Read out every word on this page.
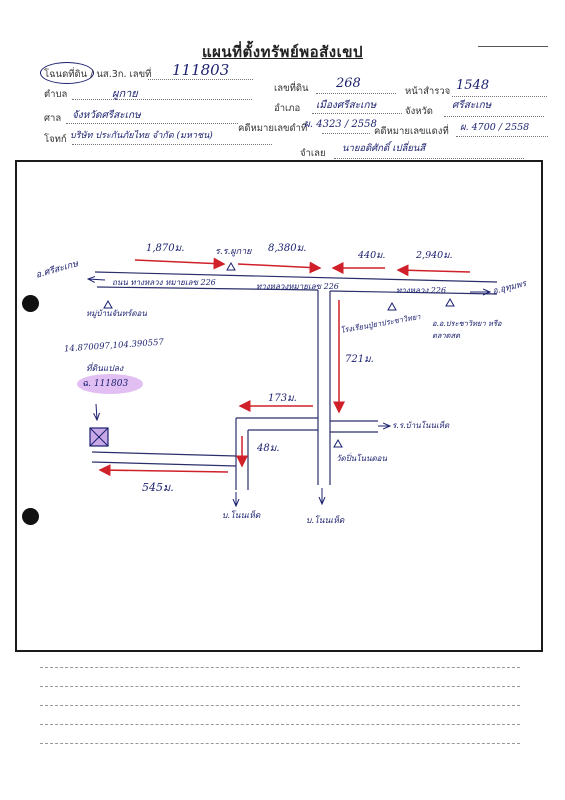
แผนที่ตั้งทรัพย์พอสังเขป
โฉนดที่ดิน / นส.3ก. เลขที่ 111803
เลขที่ดิน 268
หน้าสำรวจ 1548
ตำบล	ผูกาย
อำเภอ เมืองศรีสะเกษ
จังหวัด
ศรีสะเกษ
ศาล จังหวัดศรีสะเกษ
คดีหมายเลขดำที่
ผ. 4323 / 2558
คดีหมายเลขแดงที่ ผ. 4700 / 2558
โจทก์ บริษัท ประกันภัยไทย จำกัด (มหาชน)
จำเลย นายอดิศักดิ์ เปลี่ยนสี
1,870ม.	ร.ร.ผูกาย 8,380ม.
440ม.	2,940ม.
อ.ศรีสะเกษ
อ.อุทุมพร
ถนน ทางหลวง หมายเลข 226	ทางหลวงหมายเลข 226	ทางหลวง 226
หมู่บ้านจันทร์ดอน	โรงเรียนปู่ยาประชาวิทยา อ.อ.ประชาวิทยา หรือตลาดสด
14.870097,104.390557
ที่ดินแปลง
ฉ. 111803
721ม.
173ม.
ร.ร.บ้านโนนเห็ด
48ม.
วัดปิ่นโนนดอน
545ม.
บ.โนนเห็ด	บ.โนนเห็ด
